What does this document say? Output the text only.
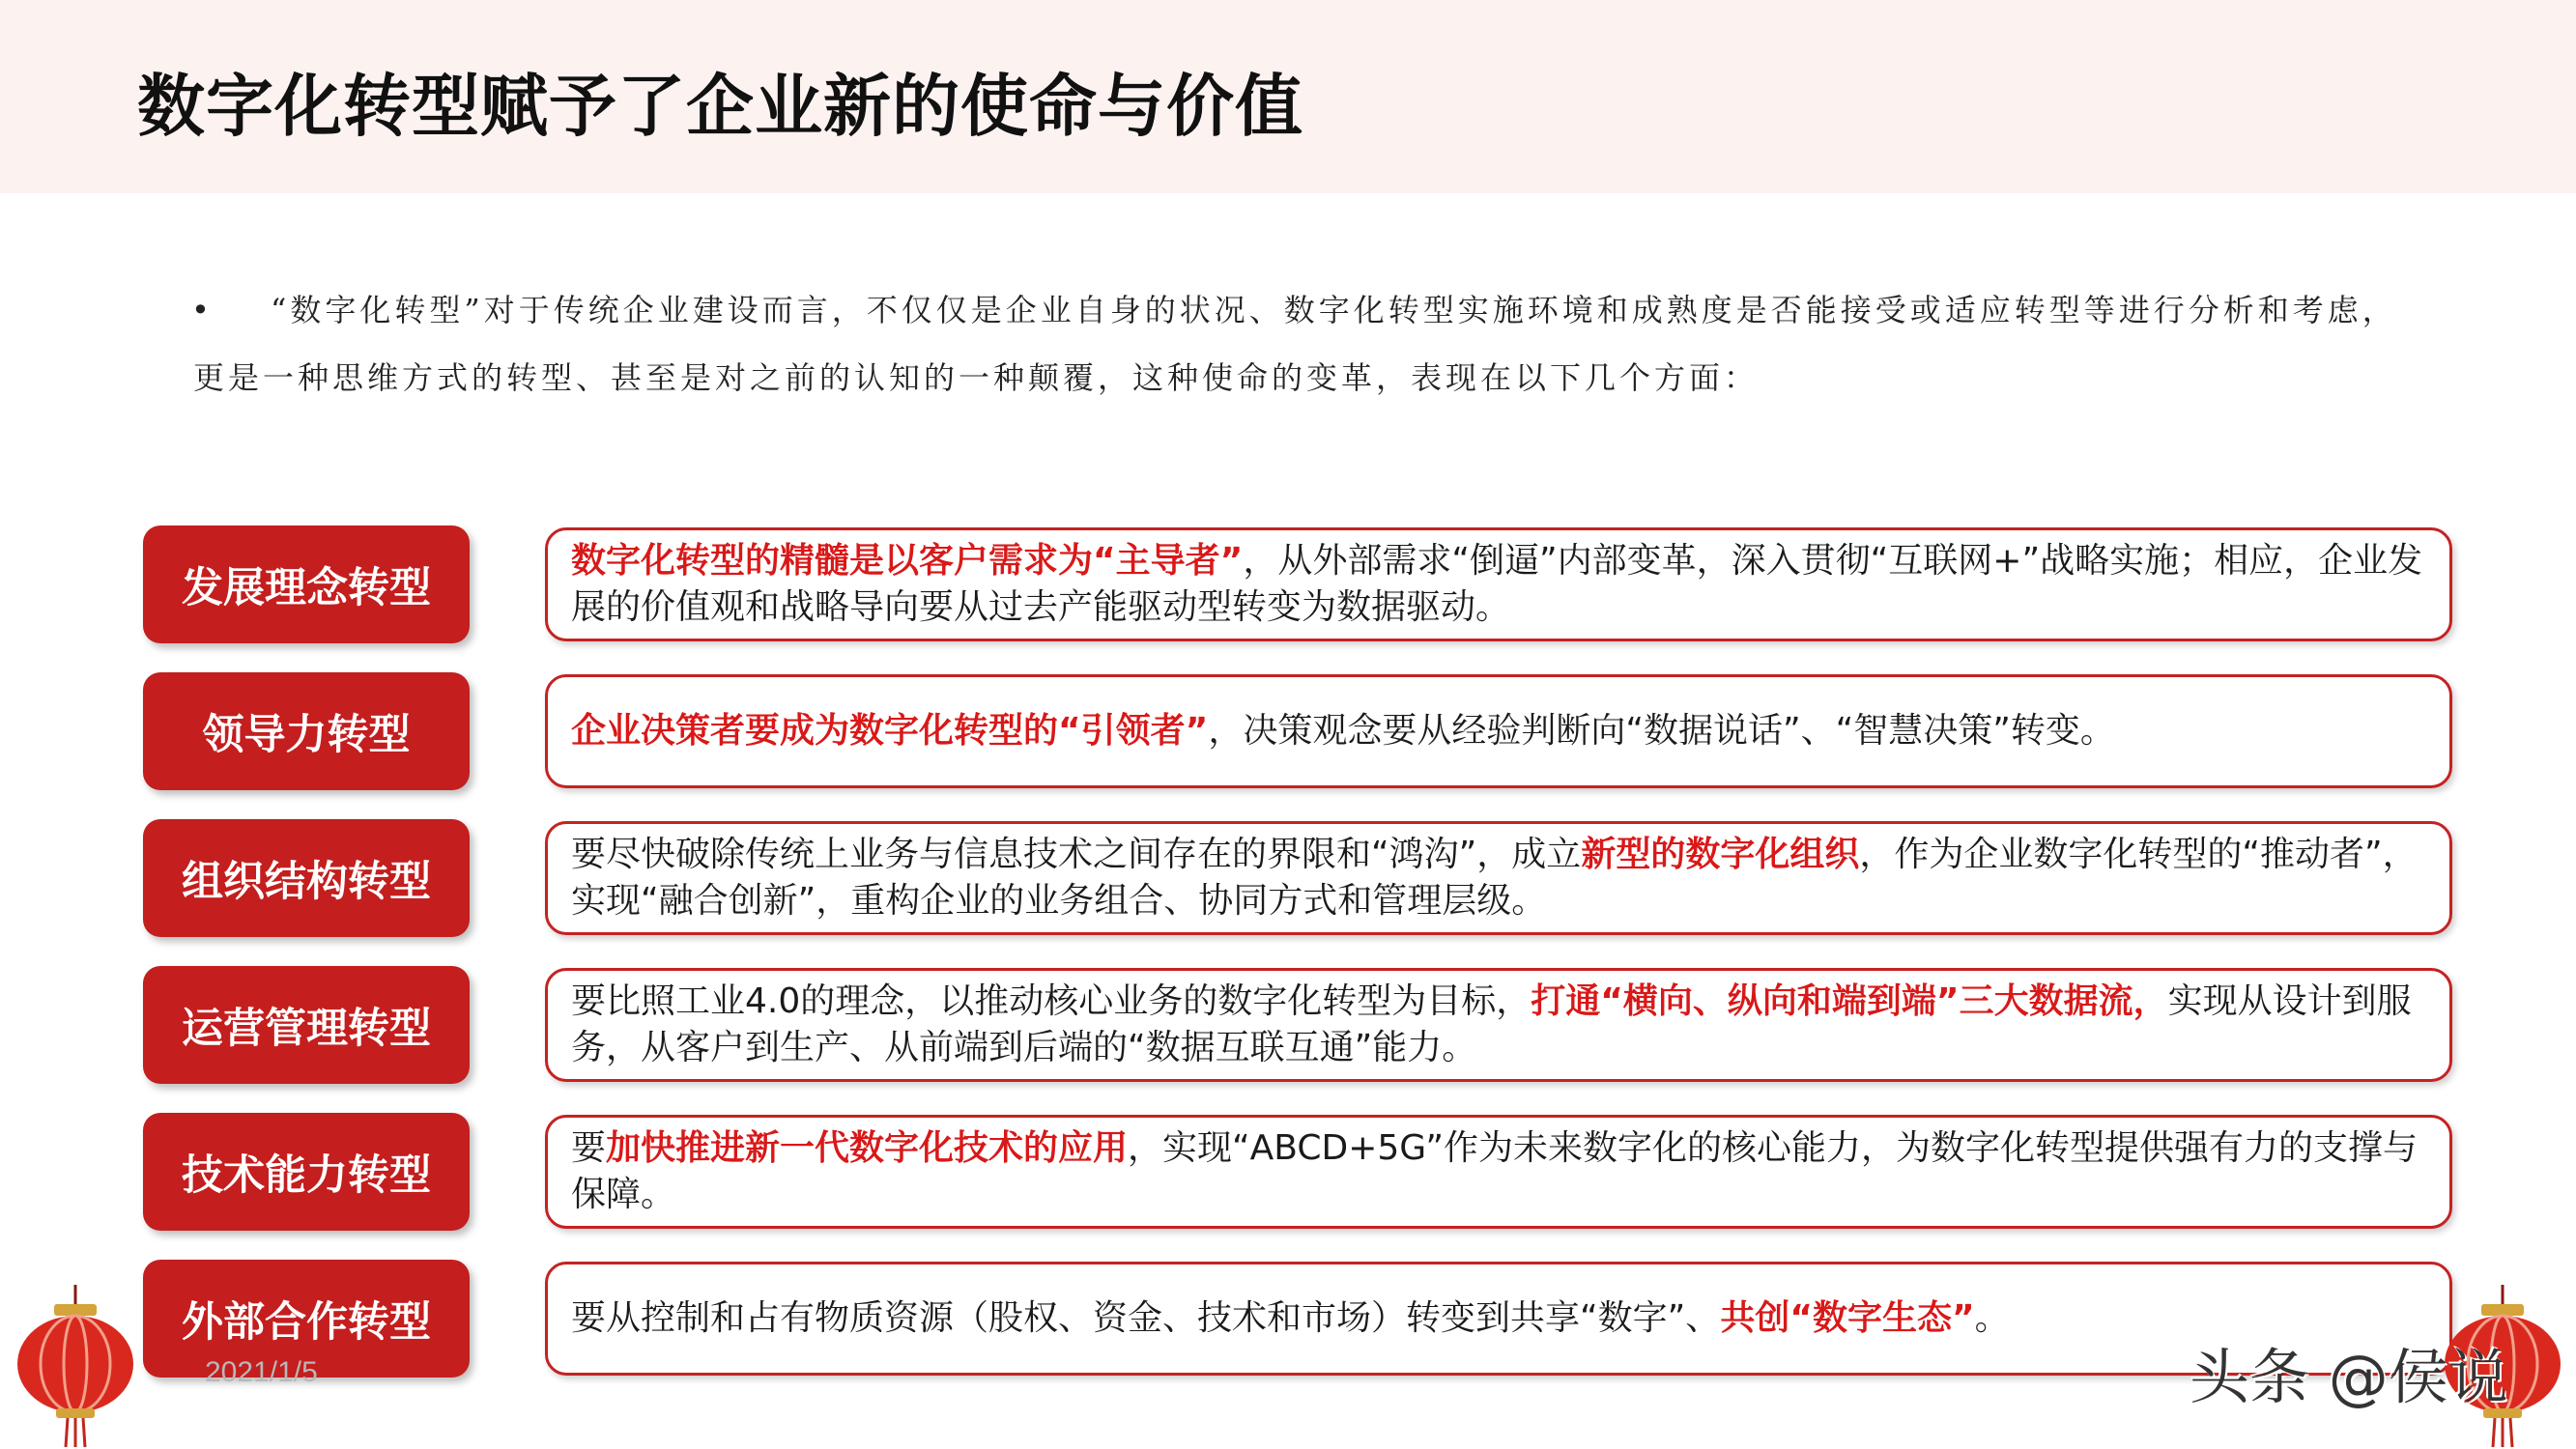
数字化转型赋予了企业新的使命与价值
•	“数字化转型”对于传统企业建设而言，不仅仅是企业自身的状况、数字化转型实施环境和成熟度是否能接受或适应转型等进行分析和考虑，更是一种思维方式的转型、甚至是对之前的认知的一种颠覆，这种使命的变革，表现在以下几个方面：
发展理念转型
数字化转型的精髓是以客户需求为“主导者”，从外部需求“倒逼”内部变革，深入贯彻“互联网+”战略实施；相应，企业发展的价值观和战略导向要从过去产能驱动型转变为数据驱动。
领导力转型	企业决策者要成为数字化转型的“引领者”，决策观念要从经验判断向“数据说话”、“智慧决策”转变。
组织结构转型
要尽快破除传统上业务与信息技术之间存在的界限和“鸿沟”，成立新型的数字化组织，作为企业数字化转型的“推动者”，实现“融合创新”，重构企业的业务组合、协同方式和管理层级。
运营管理转型
要比照工业4.0的理念，以推动核心业务的数字化转型为目标，打通“横向、纵向和端到端”三大数据流，实现从设计到服务，从客户到生产、从前端到后端的“数据互联互通”能力。
技术能力转型
要加快推进新一代数字化技术的应用，实现“ABCD+5G”作为未来数字化的核心能力，为数字化转型提供强有力的支撑与保障。
外部合作转型	要从控制和占有物质资源（股权、资金、技术和市场）转变到共享“数字”、共创“数字生态”。
2021/1/5	头条 @侯说
